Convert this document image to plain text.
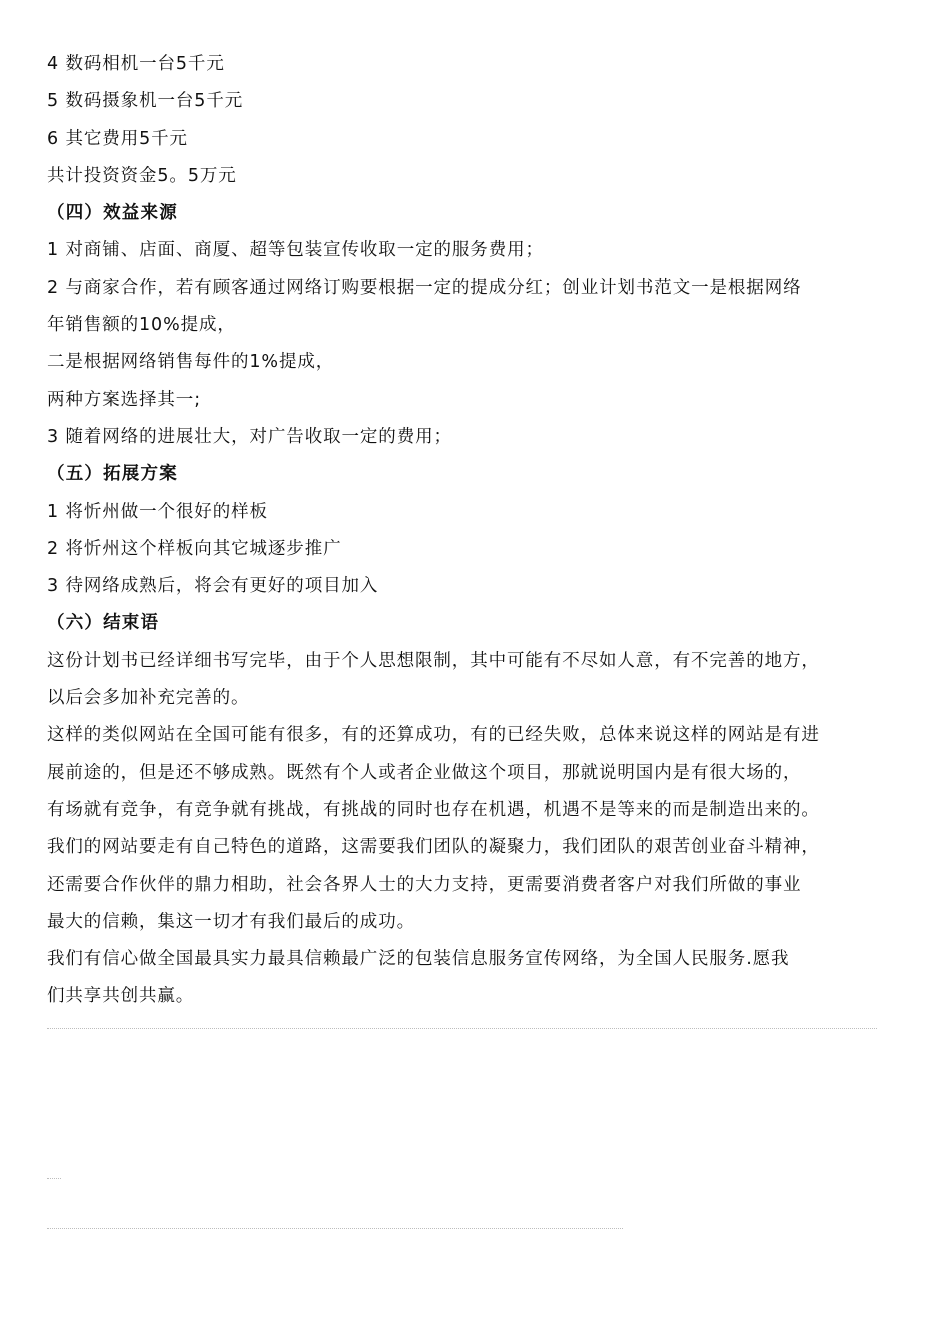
4 数码相机一台5千元
5 数码摄象机一台5千元
6 其它费用5千元
共计投资资金5。5万元
（四）效益来源
1 对商铺、店面、商厦、超等包装宣传收取一定的服务费用；
2 与商家合作，若有顾客通过网络订购要根据一定的提成分红；创业计划书范文一是根据网络
年销售额的10%提成，
二是根据网络销售每件的1%提成，
两种方案选择其一;
3 随着网络的进展壮大，对广告收取一定的费用；
（五）拓展方案
1 将忻州做一个很好的样板
2 将忻州这个样板向其它城逐步推广
3 待网络成熟后，将会有更好的项目加入
（六）结束语
这份计划书已经详细书写完毕，由于个人思想限制，其中可能有不尽如人意，有不完善的地方，
以后会多加补充完善的。
这样的类似网站在全国可能有很多，有的还算成功，有的已经失败，总体来说这样的网站是有进
展前途的，但是还不够成熟。既然有个人或者企业做这个项目，那就说明国内是有很大场的，
有场就有竞争，有竞争就有挑战，有挑战的同时也存在机遇，机遇不是等来的而是制造出来的。
我们的网站要走有自己特色的道路，这需要我们团队的凝聚力，我们团队的艰苦创业奋斗精神，
还需要合作伙伴的鼎力相助，社会各界人士的大力支持，更需要消费者客户对我们所做的事业
最大的信赖，集这一切才有我们最后的成功。
我们有信心做全国最具实力最具信赖最广泛的包装信息服务宣传网络，为全国人民服务.愿我
们共享共创共赢。
